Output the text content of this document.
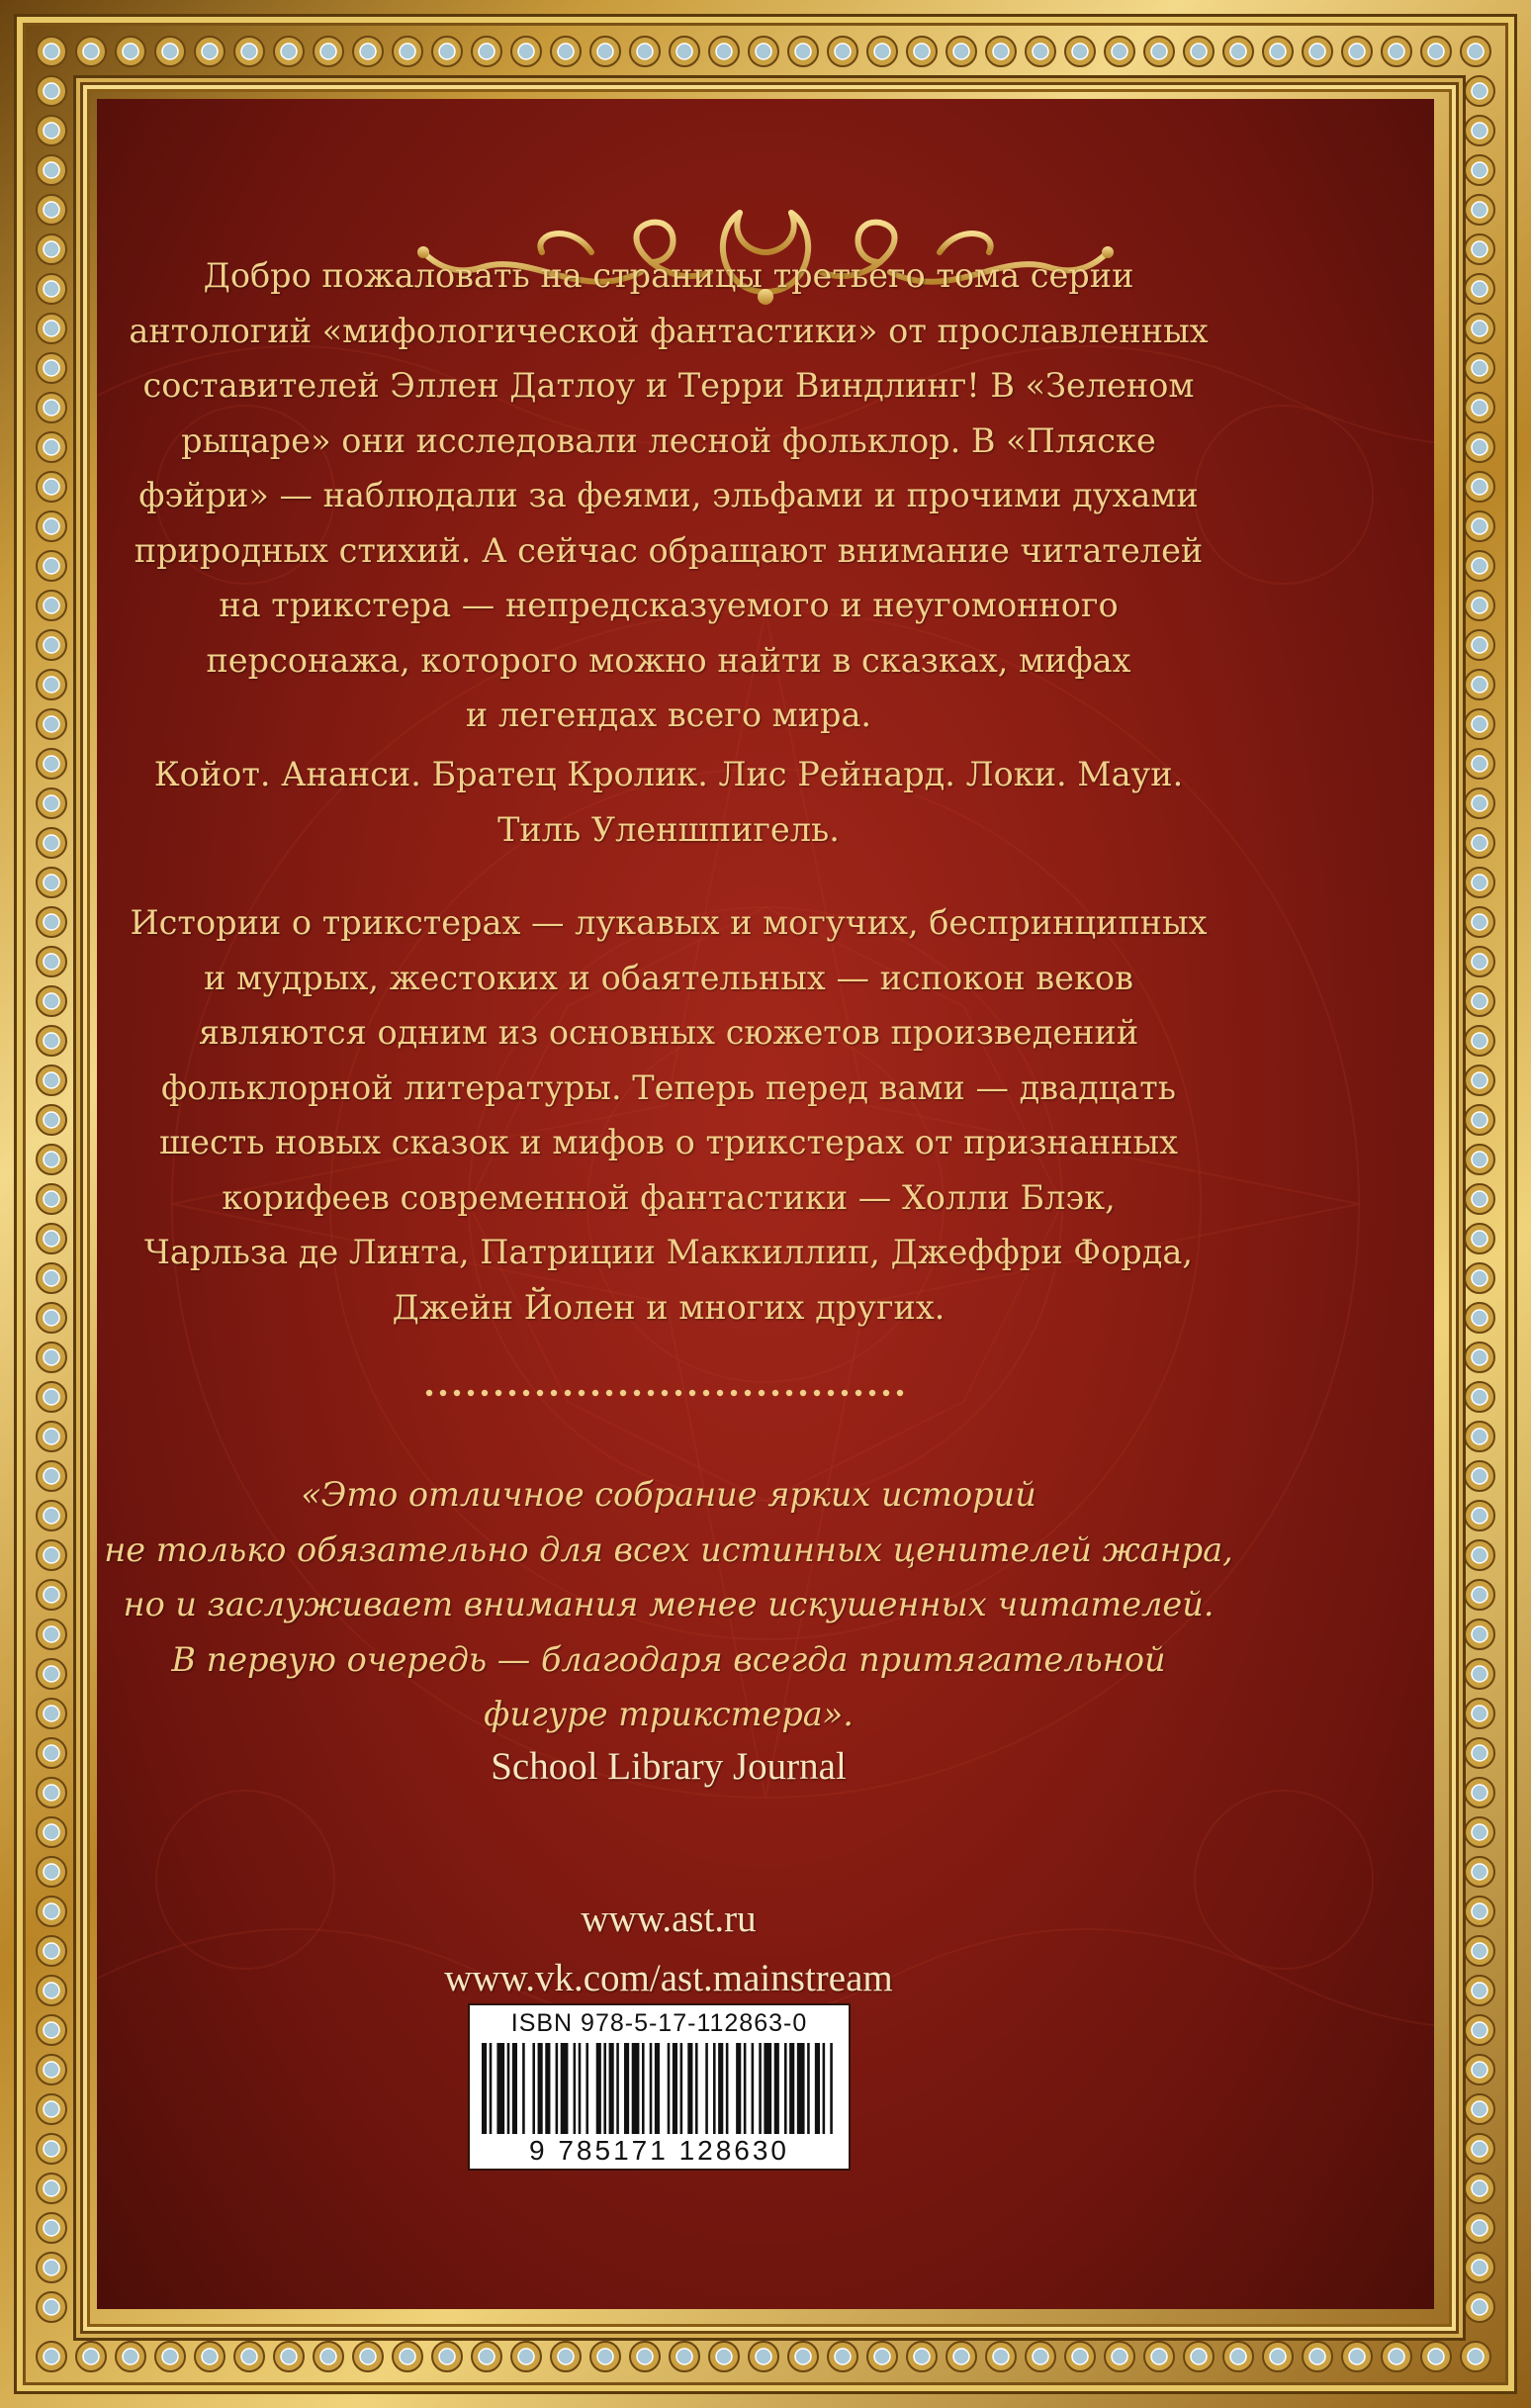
Добро пожаловать на страницы третьего тома серии

антологий «мифологической фантастики» от прославленных

составителей Эллен Датлоу и Терри Виндлинг! В «Зеленом

рыцаре» они исследовали лесной фольклор. В «Пляске

фэйри» — наблюдали за феями, эльфами и прочими духами

природных стихий. А сейчас обращают внимание читателей

на трикстера — непредсказуемого и неугомонного

персонажа, которого можно найти в сказках, мифах

и легендах всего мира.

Койот. Ананси. Братец Кролик. Лис Рейнард. Локи. Мауи.

Тиль Уленшпигель.

Истории о трикстерах — лукавых и могучих, беспринципных

и мудрых, жестоких и обаятельных — испокон веков

являются одним из основных сюжетов произведений

фольклорной литературы. Теперь перед вами — двадцать

шесть новых сказок и мифов о трикстерах от признанных

корифеев современной фантастики — Холли Блэк,

Чарльза де Линта, Патриции Маккиллип, Джеффри Форда,

Джейн Йолен и многих других.

«Это отличное собрание ярких историй

не только обязательно для всех истинных ценителей жанра,

но и заслуживает внимания менее искушенных читателей.

В первую очередь — благодаря всегда притягательной

фигуре трикстера».

School Library Journal
www.ast.ru
www.vk.com/ast.mainstream
ISBN 978-5-17-112863-0
9 785171 128630
